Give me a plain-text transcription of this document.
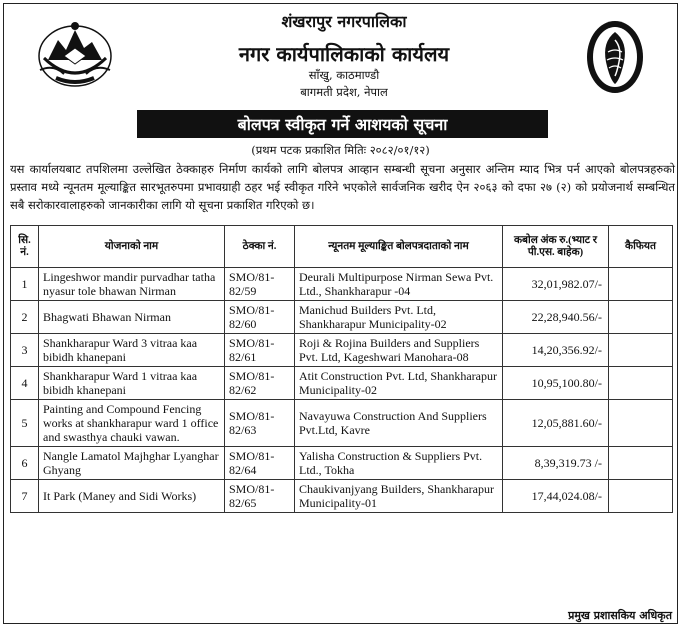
शंखरापुर नगरपालिका
नगर कार्यपालिकाको कार्यलय
साँखु, काठमाण्डौ
बागमती प्रदेश, नेपाल
बोलपत्र स्वीकृत गर्ने आशयको सूचना
(प्रथम पटक प्रकाशित मितिः २०८२/०१/१२)
यस कार्यालयबाट तपशिलमा उल्लेखित ठेक्काहरु निर्माण कार्यको लागि बोलपत्र आव्हान सम्बन्धी सूचना अनुसार अन्तिम म्याद भित्र पर्न आएको बोलपत्रहरुको प्रस्ताव मध्ये न्यूनतम मूल्याङ्कित सारभूतरुपमा प्रभावग्राही ठहर भई स्वीकृत गरिने भएकोले सार्वजनिक खरीद ऐन २०६३ को दफा २७ (२) को प्रयोजनार्थ सम्बन्धित सबै सरोकारवालाहरुको जानकारीका लागि यो सूचना प्रकाशित गरिएको छ।
सि. नं.	योजनाको नाम	ठेक्का नं.	न्यूनतम मूल्याङ्कित बोलपत्रदाताको नाम	कबोल अंक रु.(भ्याट र पी.एस. बाहेक)	कैफियत
1	Lingeshwor mandir purvadhar tatha nyasur tole bhawan Nirman	SMO/81-82/59	Deurali Multipurpose Nirman Sewa Pvt. Ltd., Shankharapur -04	32,01,982.07/-	
2	Bhagwati Bhawan Nirman	SMO/81-82/60	Manichud Builders Pvt. Ltd, Shankharapur Municipality-02	22,28,940.56/-	
3	Shankharapur Ward 3 vitraa kaa bibidh khanepani	SMO/81-82/61	Roji & Rojina Builders and Suppliers Pvt. Ltd, Kageshwari Manohara-08	14,20,356.92/-	
4	Shankharapur Ward 1 vitraa kaa bibidh khanepani	SMO/81-82/62	Atit Construction Pvt. Ltd, Shankharapur Municipality-02	10,95,100.80/-	
5	Painting and Compound Fencing works at shankharapur ward 1 office and swasthya chauki vawan.	SMO/81-82/63	Navayuwa Construction And Suppliers Pvt.Ltd, Kavre	12,05,881.60/-	
6	Nangle Lamatol Majhghar Lyanghar Ghyang	SMO/81-82/64	Yalisha Construction & Suppliers Pvt. Ltd., Tokha	8,39,319.73 /-	
7	It Park (Maney and Sidi Works)	SMO/81-82/65	Chaukivanjyang Builders, Shankharapur Municipality-01	17,44,024.08/-	
प्रमुख प्रशासकिय अधिकृत
